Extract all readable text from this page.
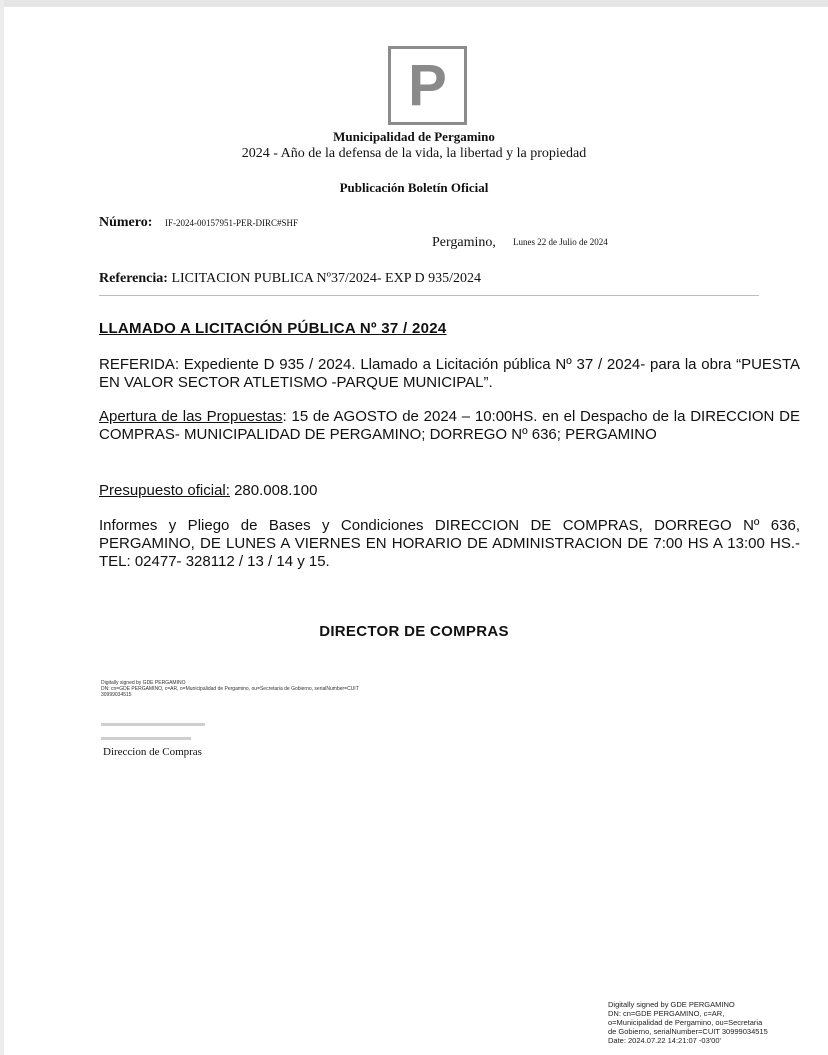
P
Municipalidad de Pergamino
2024 - Año de la defensa de la vida, la libertad y la propiedad
Publicación Boletín Oficial
Número: IF-2024-00157951-PER-DIRC#SHF
Pergamino, Lunes 22 de Julio de 2024
Referencia: LICITACION PUBLICA Nº37/2024- EXP D 935/2024
LLAMADO A LICITACIÓN PÚBLICA Nº 37 / 2024
REFERIDA: Expediente D 935 / 2024. Llamado a Licitación pública Nº 37 / 2024- para la obra “PUESTA EN VALOR SECTOR ATLETISMO -PARQUE MUNICIPAL”.
Apertura de las Propuestas: 15 de AGOSTO de 2024 – 10:00HS. en el Despacho de la DIRECCION DE COMPRAS- MUNICIPALIDAD DE PERGAMINO; DORREGO Nº 636; PERGAMINO
Presupuesto oficial: 280.008.100
Informes y Pliego de Bases y Condiciones DIRECCION DE COMPRAS, DORREGO Nº 636, PERGAMINO, DE LUNES A VIERNES EN HORARIO DE ADMINISTRACION DE 7:00 HS A 13:00 HS.- TEL: 02477- 328112 / 13 / 14 y 15.
DIRECTOR DE COMPRAS
Digitally signed by GDE PERGAMINO
DN: cn=GDE PERGAMINO, c=AR, o=Municipalidad de Pergamino, ou=Secretaria de Gobierno, serialNumber=CUIT
30999034515
Direccion de Compras
Digitally signed by GDE PERGAMINO
DN: cn=GDE PERGAMINO, c=AR,
o=Municipalidad de Pergamino, ou=Secretaria
de Gobierno, serialNumber=CUIT 30999034515
Date: 2024.07.22 14:21:07 -03'00'
